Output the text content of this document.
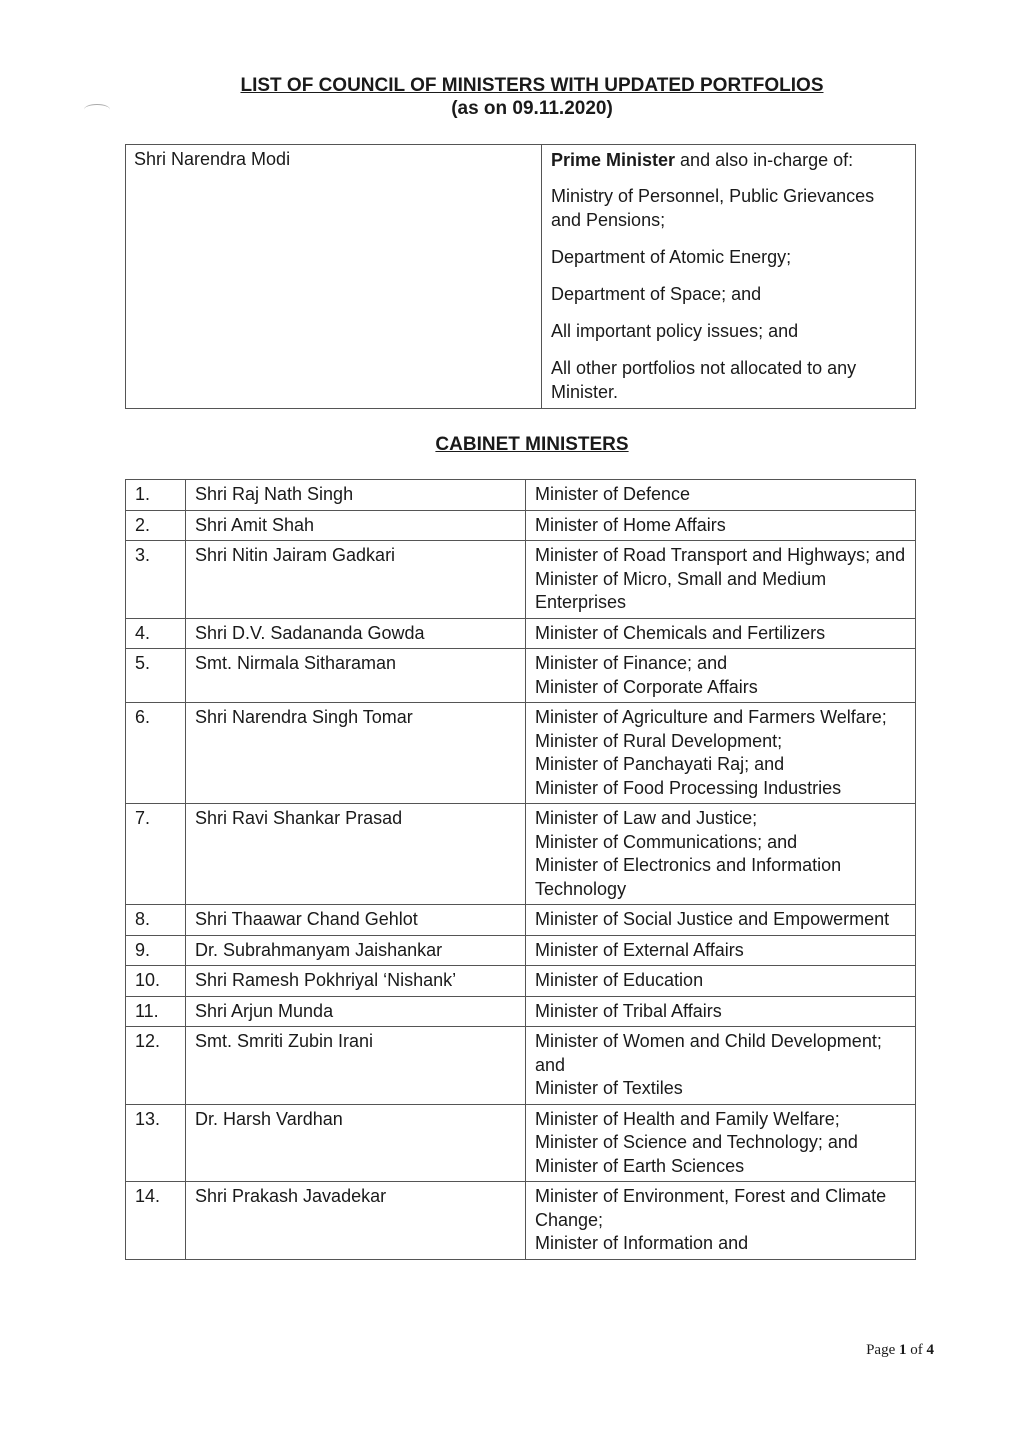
LIST OF COUNCIL OF MINISTERS WITH UPDATED PORTFOLIOS
(as on 09.11.2020)
Shri Narendra Modi	Prime Minister and also in-charge of:
Ministry of Personnel, Public Grievances and Pensions;
Department of Atomic Energy;
Department of Space; and
All important policy issues; and
All other portfolios not allocated to any Minister.
CABINET MINISTERS
1.	Shri Raj Nath Singh	Minister of Defence

2.	Shri Amit Shah	Minister of Home Affairs

3.	Shri Nitin Jairam Gadkari	Minister of Road Transport and Highways; and
Minister of Micro, Small and Medium Enterprises

4.	Shri D.V. Sadananda Gowda	Minister of Chemicals and Fertilizers

5.	Smt. Nirmala Sitharaman	Minister of Finance; and
Minister of Corporate Affairs

6.	Shri Narendra Singh Tomar	Minister of Agriculture and Farmers Welfare;
Minister of Rural Development;
Minister of Panchayati Raj; and
Minister of Food Processing Industries

7.	Shri Ravi Shankar Prasad	Minister of Law and Justice;
Minister of Communications; and
Minister of Electronics and Information Technology

8.	Shri Thaawar Chand Gehlot	Minister of Social Justice and Empowerment

9.	Dr. Subrahmanyam Jaishankar	Minister of External Affairs

10.	Shri Ramesh Pokhriyal ‘Nishank’	Minister of Education

11.	Shri Arjun Munda	Minister of Tribal Affairs

12.	Smt. Smriti Zubin Irani	Minister of Women and Child Development; and
Minister of Textiles

13.	Dr. Harsh Vardhan	Minister of Health and Family Welfare;
Minister of Science and Technology; and
Minister of Earth Sciences

14.	Shri Prakash Javadekar	Minister of Environment, Forest and Climate Change;
Minister of Information and
Page 1 of 4
